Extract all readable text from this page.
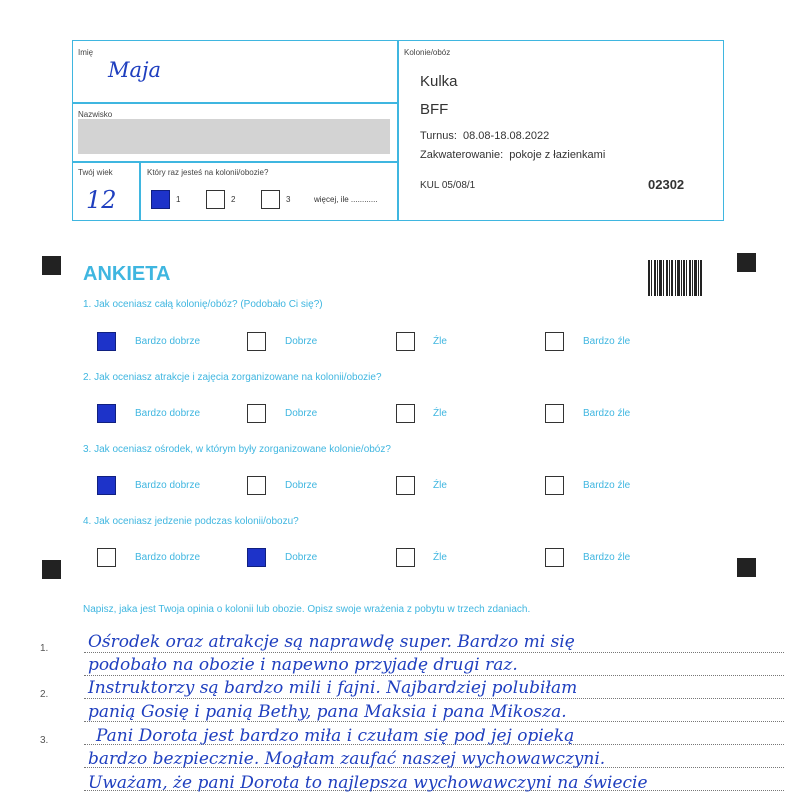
Imię
Maja
Nazwisko
Twój wiek
12
Który raz jesteś na kolonii/obozie?
1	2	3	więcej, ile ............
Kolonie/obóz
Kulka
BFF
Turnus: 08.08-18.08.2022
Zakwaterowanie: pokoje z łazienkami
KUL 05/08/1	02302
ANKIETA
1. Jak oceniasz całą kolonię/obóz? (Podobało Ci się?)
Bardzo dobrze	Dobrze	Źle	Bardzo źle
2. Jak oceniasz atrakcje i zajęcia zorganizowane na kolonii/obozie?
Bardzo dobrze	Dobrze	Źle	Bardzo źle
3. Jak oceniasz ośrodek, w którym były zorganizowane kolonie/obóz?
Bardzo dobrze	Dobrze	Źle	Bardzo źle
4. Jak oceniasz jedzenie podczas kolonii/obozu?
Bardzo dobrze	Dobrze	Źle	Bardzo źle
Napisz, jaka jest Twoja opinia o kolonii lub obozie. Opisz swoje wrażenia z pobytu w trzech zdaniach.
1.
2.
3.
Ośrodek oraz atrakcje są naprawdę super. Bardzo mi się
podobało na obozie i napewno przyjadę drugi raz.
Instruktorzy są bardzo mili i fajni. Najbardziej polubiłam
panią Gosię i panią Bethy, pana Maksia i pana Mikosza.
Pani Dorota jest bardzo miła i czułam się pod jej opieką
bardzo bezpiecznie. Mogłam zaufać naszej wychowawczyni.
Uważam, że pani Dorota to najlepsza wychowawczyni na świecie
